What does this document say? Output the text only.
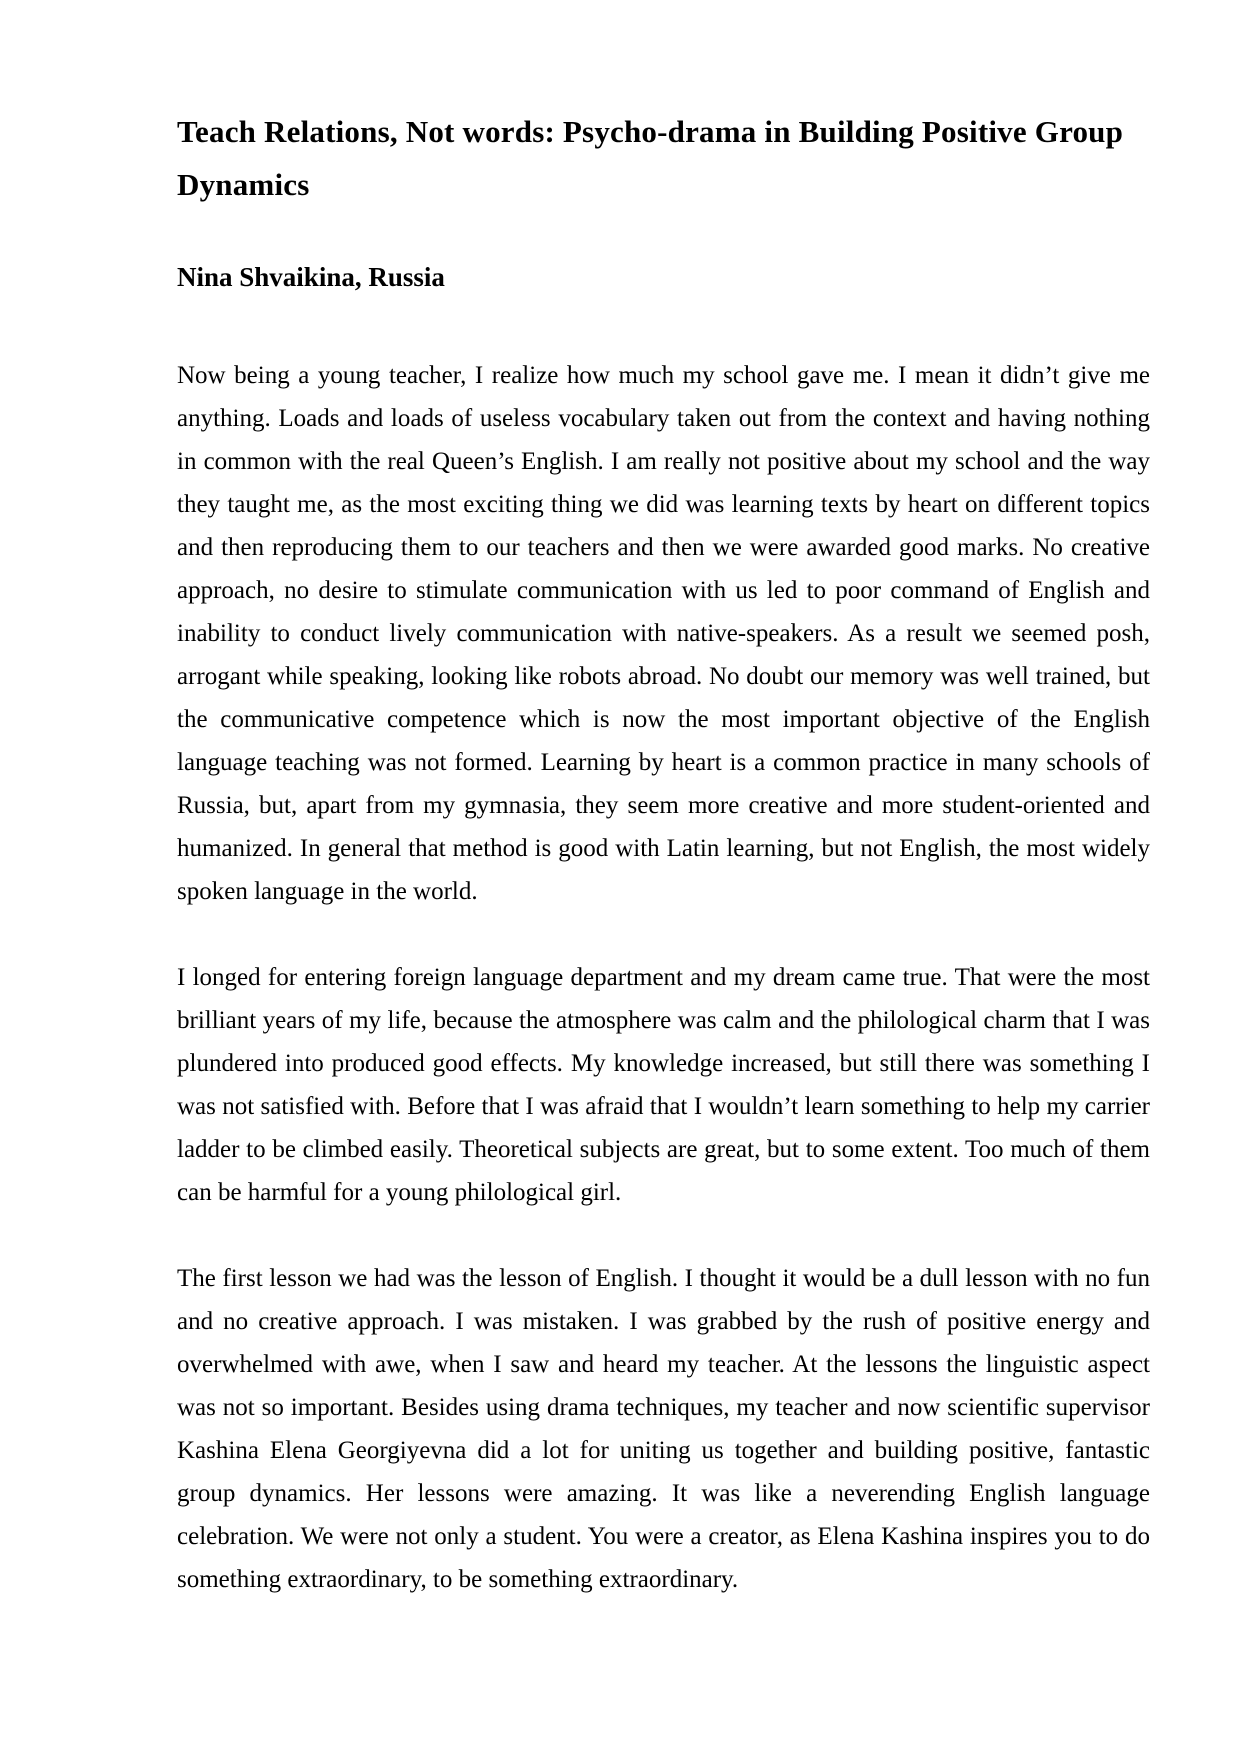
Teach Relations, Not words: Psycho-drama in Building Positive Group
Dynamics

Nina Shvaikina, Russia

Now being a young teacher, I realize how much my school gave me. I mean it didn’t give me anything. Loads and loads of useless vocabulary taken out from the context and having nothing in common with the real Queen’s English. I am really not positive about my school and the way they taught me, as the most exciting thing we did was learning texts by heart on different topics and then reproducing them to our teachers and then we were awarded good marks. No creative approach, no desire to stimulate communication with us led to poor command of English and inability to conduct lively communication with native-speakers. As a result we seemed posh, arrogant while speaking, looking like robots abroad. No doubt our memory was well trained, but the communicative competence which is now the most important objective of the English language teaching was not formed. Learning by heart is a common practice in many schools of Russia, but, apart from my gymnasia, they seem more creative and more student-oriented and humanized. In general that method is good with Latin learning, but not English, the most widely spoken language in the world.

I longed for entering foreign language department and my dream came true. That were the most brilliant years of my life, because the atmosphere was calm and the philological charm that I was plundered into produced good effects. My knowledge increased, but still there was something I was not satisfied with. Before that I was afraid that I wouldn’t learn something to help my carrier ladder to be climbed easily. Theoretical subjects are great, but to some extent. Too much of them can be harmful for a young philological girl.

The first lesson we had was the lesson of English. I thought it would be a dull lesson with no fun and no creative approach. I was mistaken. I was grabbed by the rush of positive energy and overwhelmed with awe, when I saw and heard my teacher. At the lessons the linguistic aspect was not so important. Besides using drama techniques, my teacher and now scientific supervisor Kashina Elena Georgiyevna did a lot for uniting us together and building positive, fantastic group dynamics. Her lessons were amazing. It was like a neverending English language celebration. We were not only a student. You were a creator, as Elena Kashina inspires you to do something extraordinary, to be something extraordinary.
